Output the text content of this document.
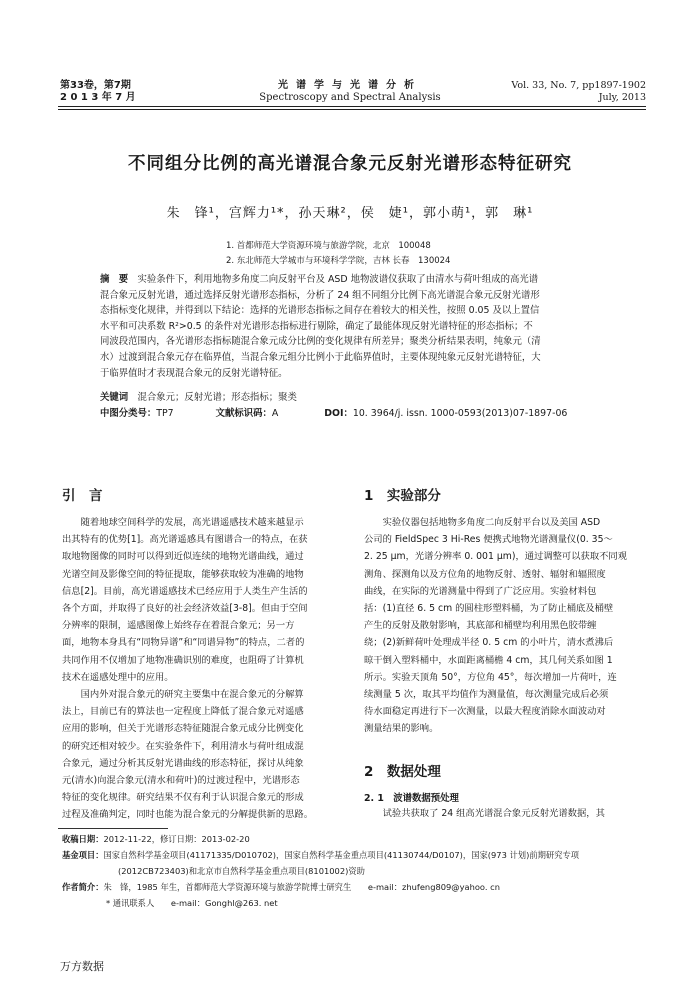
第33卷，第7期
2 0 1 3 年 7 月
光谱学与光谱分析
Spectroscopy and Spectral Analysis
Vol. 33, No. 7, pp1897-1902
July, 2013
不同组分比例的高光谱混合象元反射光谱形态特征研究
朱　锋¹，宫辉力¹*，孙天琳²，侯　婕¹，郭小萌¹，郭　琳¹
1. 首都师范大学资源环境与旅游学院，北京　100048
2. 东北师范大学城市与环境科学学院，吉林 长春　130024
摘　要　 实验条件下，利用地物多角度二向反射平台及 ASD 地物波谱仪获取了由清水与荷叶组成的高光谱
混合象元反射光谱，通过选择反射光谱形态指标，分析了 24 组不同组分比例下高光谱混合象元反射光谱形
态指标变化规律，并得到以下结论：选择的光谱形态指标之间存在着较大的相关性，按照 0.05 及以上置信
水平和可决系数 R²>0.5 的条件对光谱形态指标进行剔除，确定了最能体现反射光谱特征的形态指标；不
同波段范围内，各光谱形态指标随混合象元成分比例的变化规律有所差异；聚类分析结果表明，纯象元（清
水）过渡到混合象元存在临界值，当混合象元组分比例小于此临界值时，主要体现纯象元反射光谱特征，大
于临界值时才表现混合象元的反射光谱特征。
关键词　 混合象元；反射光谱；形态指标；聚类
中图分类号：TP7	文献标识码：A	DOI：10. 3964/j. issn. 1000-0593(2013)07-1897-06
引　言	1　实验部分
　　随着地球空间科学的发展，高光谱遥感技术越来越显示
出其特有的优势[1]。高光谱遥感具有图谱合一的特点，在获
取地物图像的同时可以得到近似连续的地物光谱曲线，通过
光谱空间及影像空间的特征提取，能够获取较为准确的地物
信息[2]。目前，高光谱遥感技术已经应用于人类生产生活的
各个方面，并取得了良好的社会经济效益[3-8]。但由于空间
分辨率的限制，遥感图像上始终存在着混合象元；另一方
面，地物本身具有“同物异谱”和“同谱异物”的特点，二者的
共同作用不仅增加了地物准确识别的难度，也阻碍了计算机
技术在遥感处理中的应用。
　　国内外对混合象元的研究主要集中在混合象元的分解算
法上，目前已有的算法也一定程度上降低了混合象元对遥感
应用的影响，但关于光谱形态特征随混合象元成分比例变化
的研究还相对较少。在实验条件下，利用清水与荷叶组成混
合象元，通过分析其反射光谱曲线的形态特征，探讨从纯象
元(清水)向混合象元(清水和荷叶)的过渡过程中，光谱形态
特征的变化规律。研究结果不仅有利于认识混合象元的形成
过程及准确判定，同时也能为混合象元的分解提供新的思路。
　　实验仪器包括地物多角度二向反射平台以及美国 ASD
公司的 FieldSpec 3 Hi-Res 便携式地物光谱测量仪(0. 35～
2. 25 μm，光谱分辨率 0. 001 μm)，通过调整可以获取不同观
测角、探测角以及方位角的地物反射、透射、辐射和辐照度
曲线，在实际的光谱测量中得到了广泛应用。实验材料包
括：(1)直径 6. 5 cm 的圆柱形塑料桶，为了防止桶底及桶壁
产生的反射及散射影响，其底部和桶壁均利用黑色胶带缠
绕；(2)新鲜荷叶处理成半径 0. 5 cm 的小叶片，清水煮沸后
晾干倒入塑料桶中，水面距离桶檐 4 cm，其几何关系如图 1
所示。实验天顶角 50°，方位角 45°，每次增加一片荷叶，连
续测量 5 次，取其平均值作为测量值，每次测量完成后必须
待水面稳定再进行下一次测量，以最大程度消除水面波动对
测量结果的影响。
2　数据处理
2. 1　波谱数据预处理
　　试验共获取了 24 组高光谱混合象元反射光谱数据，其
收稿日期：2012-11-22，修订日期：2013-02-20
基金项目：国家自然科学基金项目(41171335/D010702)，国家自然科学基金重点项目(41130744/D0107)，国家(973 计划)前期研究专项
(2012CB723403)和北京市自然科学基金重点项目(8101002)资助
作者简介：朱　锋，1985 年生，首都师范大学资源环境与旅游学院博士研究生　　e-mail：zhufeng809@yahoo. cn
* 通讯联系人　　e-mail：Gonghl@263. net
万方数据
